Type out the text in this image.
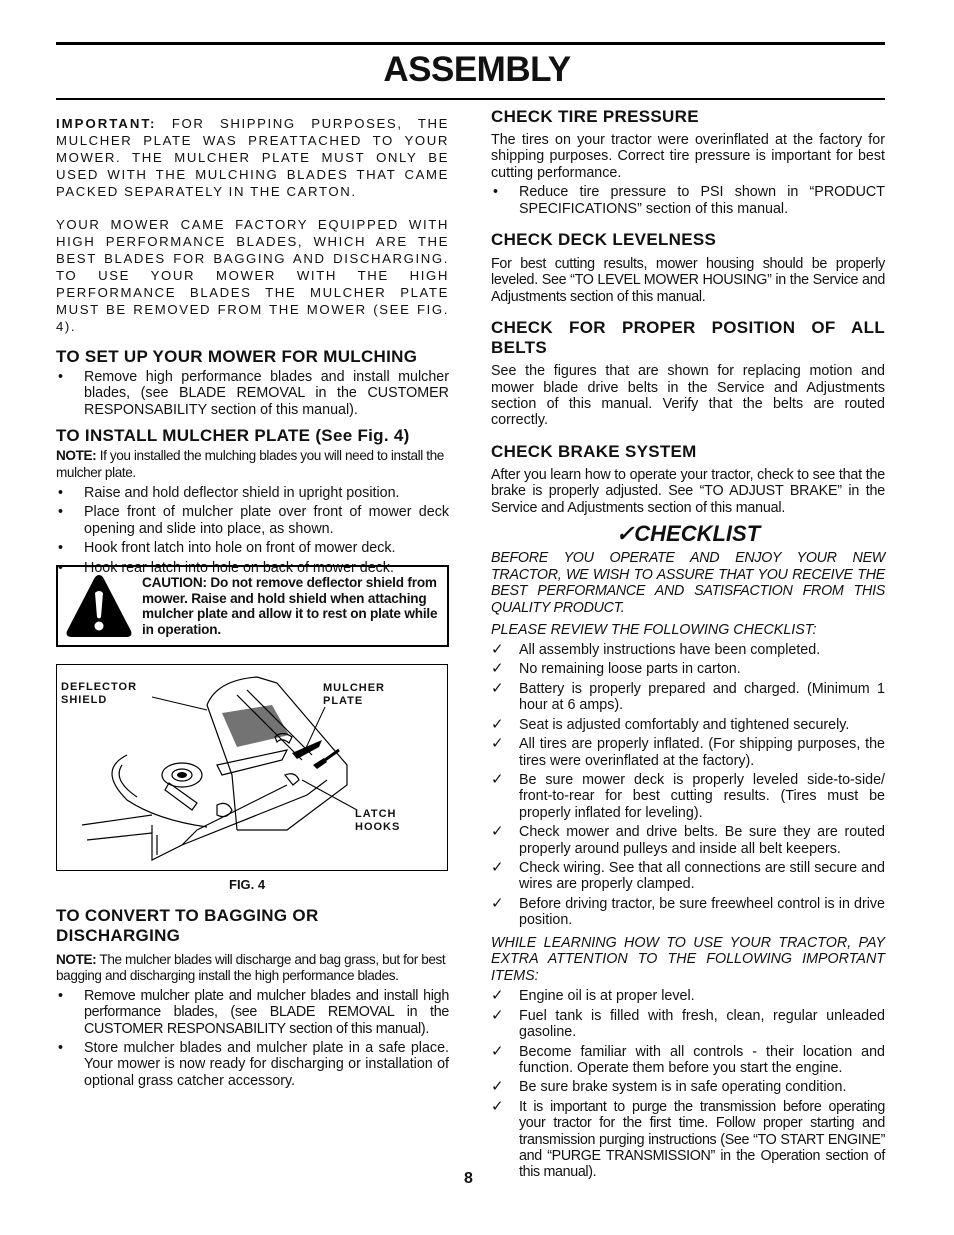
ASSEMBLY

IMPORTANT: FOR SHIPPING PURPOSES, THE MULCHER PLATE WAS PREATTACHED TO YOUR MOWER. THE MULCHER PLATE MUST ONLY BE USED WITH THE MULCHING BLADES THAT CAME PACKED SEPARATELY IN THE CARTON.

YOUR MOWER CAME FACTORY EQUIPPED WITH HIGH PERFORMANCE BLADES, WHICH ARE THE BEST BLADES FOR BAGGING AND DISCHARGING. TO USE YOUR MOWER WITH THE HIGH PERFORMANCE BLADES THE MULCHER PLATE MUST BE REMOVED FROM THE MOWER (SEE FIG. 4).

TO SET UP YOUR MOWER FOR MULCHING
• Remove high performance blades and install mulcher blades, (see BLADE REMOVAL in the CUSTOMER RESPONSABILITY section of this manual).
TO INSTALL MULCHER PLATE (See Fig. 4)

NOTE: If you installed the mulching blades you will need to install the mulcher plate.

• Raise and hold deflector shield in upright position.
• Place front of mulcher plate over front of mower deck opening and slide into place, as shown.
• Hook front latch into hole on front of mower deck.
• Hook rear latch into hole on back of mower deck.
CAUTION: Do not remove deflector shield from mower. Raise and hold shield when attaching mulcher plate and allow it to rest on plate while in operation.
DEFLECTOR SHIELD
MULCHER PLATE
LATCH HOOKS
FIG. 4
TO CONVERT TO BAGGING OR DISCHARGING

NOTE: The mulcher blades will discharge and bag grass, but for best bagging and discharging install the high performance blades.

• Remove mulcher plate and mulcher blades and install high performance blades, (see BLADE REMOVAL in the CUSTOMER RESPONSABILITY section of this manual).
• Store mulcher blades and mulcher plate in a safe place. Your mower is now ready for discharging or installation of optional grass catcher accessory.
CHECK TIRE PRESSURE

The tires on your tractor were overinflated at the factory for shipping purposes. Correct tire pressure is important for best cutting performance.

• Reduce tire pressure to PSI shown in “PRODUCT SPECIFICATIONS” section of this manual.
CHECK DECK LEVELNESS

For best cutting results, mower housing should be properly leveled. See “TO LEVEL MOWER HOUSING” in the Service and Adjustments section of this manual.

CHECK FOR PROPER POSITION OF ALL BELTS

See the figures that are shown for replacing motion and mower blade drive belts in the Service and Adjustments section of this manual. Verify that the belts are routed correctly.

CHECK BRAKE SYSTEM

After you learn how to operate your tractor, check to see that the brake is properly adjusted. See “TO ADJUST BRAKE” in the Service and Adjustments section of this manual.

✓CHECKLIST

BEFORE YOU OPERATE AND ENJOY YOUR NEW TRACTOR, WE WISH TO ASSURE THAT YOU RECEIVE THE BEST PERFORMANCE AND SATISFACTION FROM THIS QUALITY PRODUCT.

PLEASE REVIEW THE FOLLOWING CHECKLIST:

✓ All assembly instructions have been completed.
✓ No remaining loose parts in carton.
✓ Battery is properly prepared and charged. (Minimum 1 hour at 6 amps).
✓ Seat is adjusted comfortably and tightened securely.
✓ All tires are properly inflated. (For shipping purposes, the tires were overinflated at the factory).
✓ Be sure mower deck is properly leveled side-to-side/ front-to-rear for best cutting results. (Tires must be properly inflated for leveling).
✓ Check mower and drive belts. Be sure they are routed properly around pulleys and inside all belt keepers.
✓ Check wiring. See that all connections are still secure and wires are properly clamped.
✓ Before driving tractor, be sure freewheel control is in drive position.

WHILE LEARNING HOW TO USE YOUR TRACTOR, PAY EXTRA ATTENTION TO THE FOLLOWING IMPORTANT ITEMS:

✓ Engine oil is at proper level.
✓ Fuel tank is filled with fresh, clean, regular unleaded gasoline.
✓ Become familiar with all controls - their location and function. Operate them before you start the engine.
✓ Be sure brake system is in safe operating condition.
✓ It is important to purge the transmission before operating your tractor for the first time. Follow proper starting and transmission purging instructions (See “TO START ENGINE” and “PURGE TRANSMISSION” in the Operation section of this manual).
8
